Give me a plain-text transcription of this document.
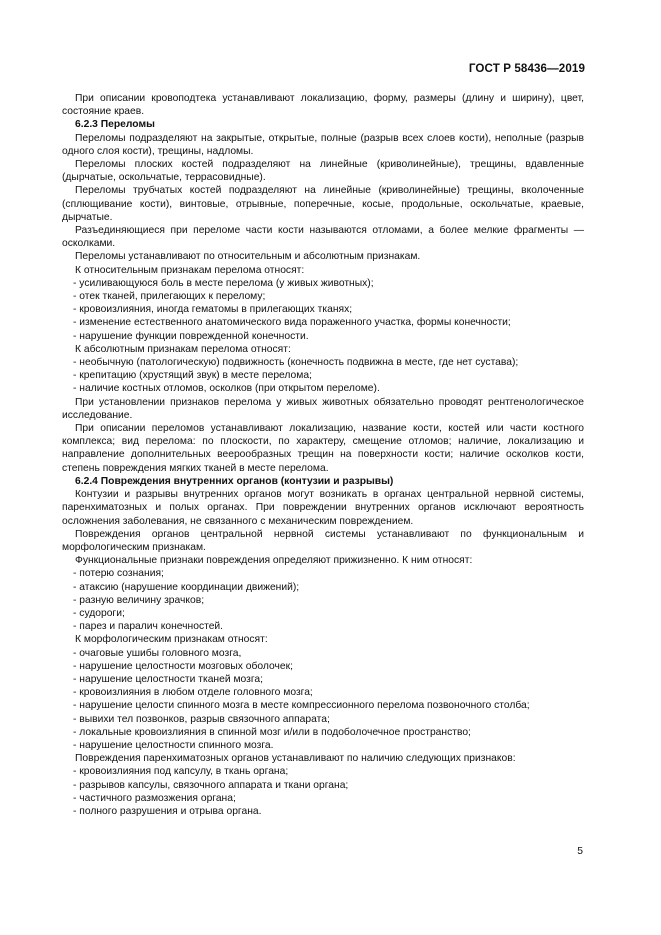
ГОСТ Р 58436—2019
При описании кровоподтека устанавливают локализацию, форму, размеры (длину и ширину), цвет, состояние краев.
6.2.3 Переломы
Переломы подразделяют на закрытые, открытые, полные (разрыв всех слоев кости), неполные (разрыв одного слоя кости), трещины, надломы.
Переломы плоских костей подразделяют на линейные (криволинейные), трещины, вдавленные (дырчатые, оскольчатые, террасовидные).
Переломы трубчатых костей подразделяют на линейные (криволинейные) трещины, вколоченные (сплющивание кости), винтовые, отрывные, поперечные, косые, продольные, оскольчатые, краевые, дырчатые.
Разъединяющиеся при переломе части кости называются отломами, а более мелкие фрагменты — осколками.
Переломы устанавливают по относительным и абсолютным признакам.
К относительным признакам перелома относят:
- усиливающуюся боль в месте перелома (у живых животных);
- отек тканей, прилегающих к перелому;
- кровоизлияния, иногда гематомы в прилегающих тканях;
- изменение естественного анатомического вида пораженного участка, формы конечности;
- нарушение функции поврежденной конечности.
К абсолютным признакам перелома относят:
- необычную (патологическую) подвижность (конечность подвижна в месте, где нет сустава);
- крепитацию (хрустящий звук) в месте перелома;
- наличие костных отломов, осколков (при открытом переломе).
При установлении признаков перелома у живых животных обязательно проводят рентгенологическое исследование.
При описании переломов устанавливают локализацию, название кости, костей или части костного комплекса; вид перелома: по плоскости, по характеру, смещение отломов; наличие, локализацию и направление дополнительных веерообразных трещин на поверхности кости; наличие осколков кости, степень повреждения мягких тканей в месте перелома.
6.2.4 Повреждения внутренних органов (контузии и разрывы)
Контузии и разрывы внутренних органов могут возникать в органах центральной нервной системы, паренхиматозных и полых органах. При повреждении внутренних органов исключают вероятность осложнения заболевания, не связанного с механическим повреждением.
Повреждения органов центральной нервной системы устанавливают по функциональным и морфологическим признакам.
Функциональные признаки повреждения определяют прижизненно. К ним относят:
- потерю сознания;
- атаксию (нарушение координации движений);
- разную величину зрачков;
- судороги;
- парез и паралич конечностей.
К морфологическим признакам относят:
- очаговые ушибы головного мозга,
- нарушение целостности мозговых оболочек;
- нарушение целостности тканей мозга;
- кровоизлияния в любом отделе головного мозга;
- нарушение целости спинного мозга в месте компрессионного перелома позвоночного столба;
- вывихи тел позвонков, разрыв связочного аппарата;
- локальные кровоизлияния в спинной мозг и/или в подоболочечное пространство;
- нарушение целостности спинного мозга.
Повреждения паренхиматозных органов устанавливают по наличию следующих признаков:
- кровоизлияния под капсулу, в ткань органа;
- разрывов капсулы, связочного аппарата и ткани органа;
- частичного размозжения органа;
- полного разрушения и отрыва органа.
5
